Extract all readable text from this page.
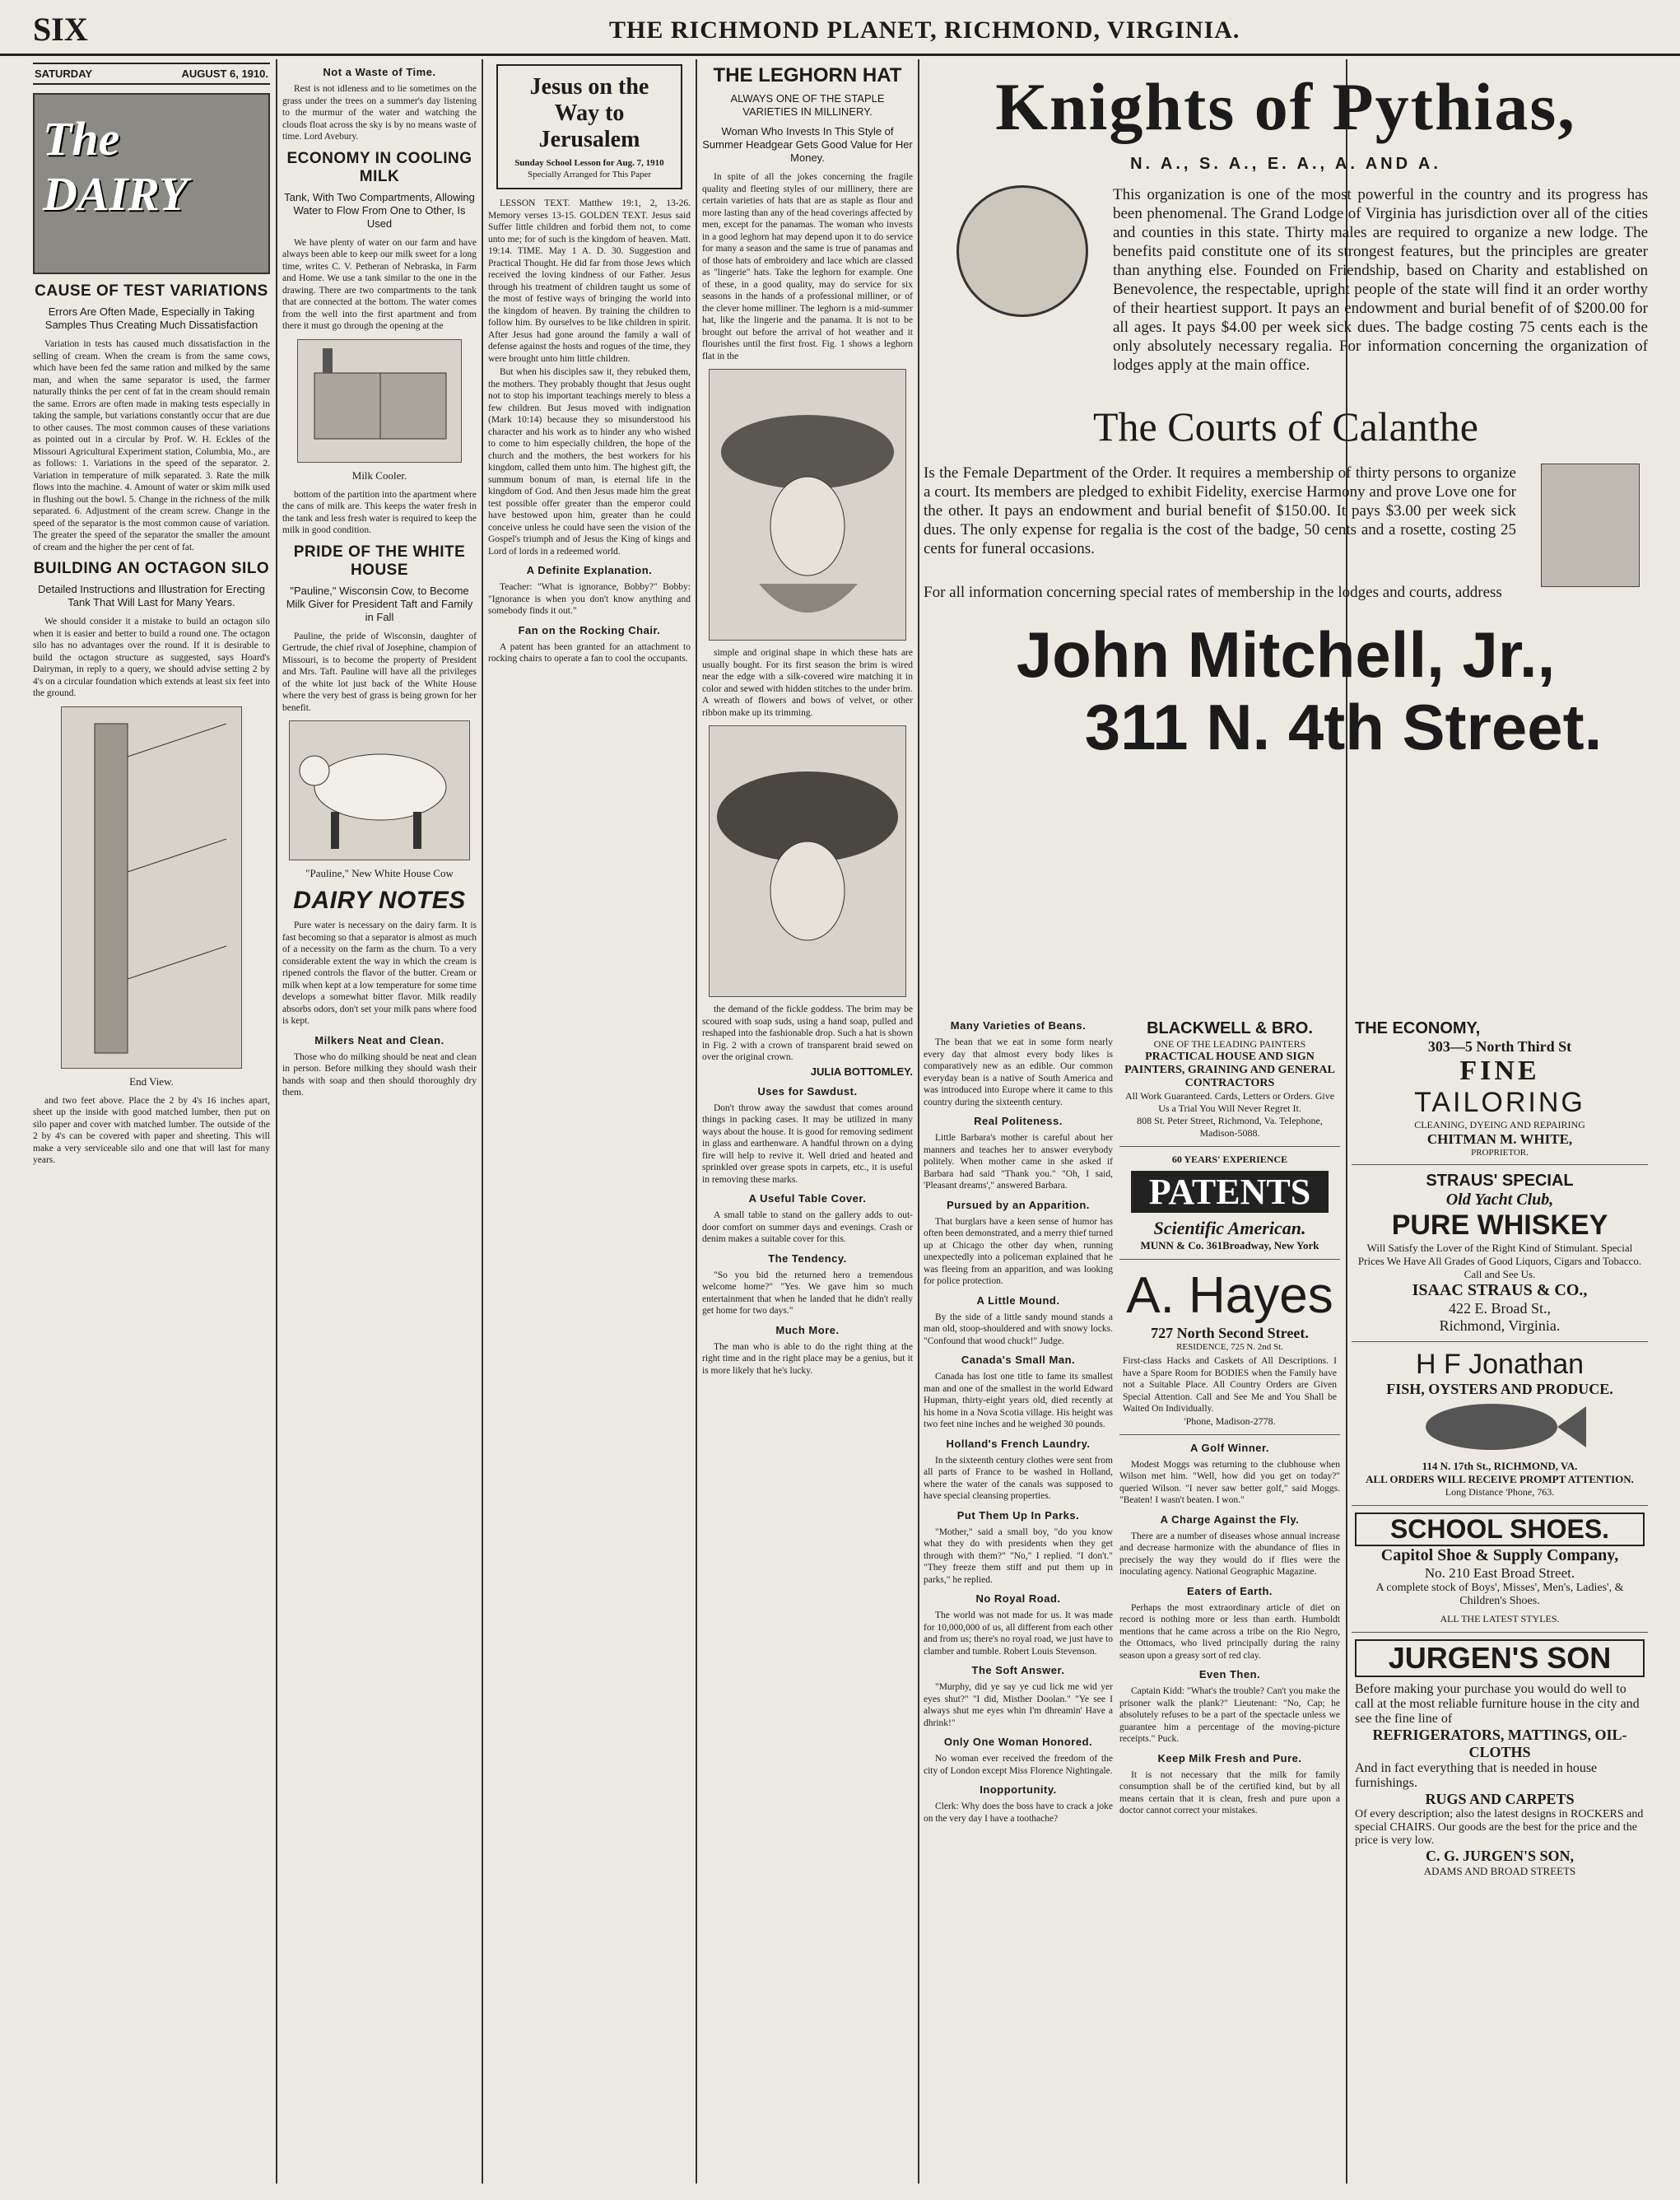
SIX	THE RICHMOND PLANET, RICHMOND, VIRGINIA.
SATURDAY	AUGUST 6, 1910.
The DAIRY
CAUSE OF TEST VARIATIONS
Errors Are Often Made, Especially in Taking Samples Thus Creating Much Dissatisfaction

Variation in tests has caused much dissatisfaction in the selling of cream. When the cream is from the same cows, which have been fed the same ration and milked by the same man, and when the same separator is used, the farmer naturally thinks the per cent of fat in the cream should remain the same. Errors are often made in making tests especially in taking the sample, but variations constantly occur that are due to other causes. The most common causes of these variations as pointed out in a circular by Prof. W. H. Eckles of the Missouri Agricultural Experiment station, Columbia, Mo., are as follows: 1. Variations in the speed of the separator. 2. Variation in temperature of milk separated. 3. Rate the milk flows into the machine. 4. Amount of water or skim milk used in flushing out the bowl. 5. Change in the richness of the milk separated. 6. Adjustment of the cream screw. Change in the speed of the separator is the most common cause of variation. The greater the speed of the separator the smaller the amount of cream and the higher the per cent of fat.

BUILDING AN OCTAGON SILO
Detailed Instructions and Illustration for Erecting Tank That Will Last for Many Years.

We should consider it a mistake to build an octagon silo when it is easier and better to build a round one. The octagon silo has no advantages over the round. If it is desirable to build the octagon structure as suggested, says Hoard's Dairyman, in reply to a query, we should advise setting 2 by 4's on a circular foundation which extends at least six feet into the ground.

End View.

and two feet above. Place the 2 by 4's 16 inches apart, sheet up the inside with good matched lumber, then put on silo paper and cover with matched lumber. The outside of the 2 by 4's can be covered with paper and sheeting. This will make a very serviceable silo and one that will last for many years.

Not a Waste of Time.

Rest is not idleness and to lie sometimes on the grass under the trees on a summer's day listening to the murmur of the water and watching the clouds float across the sky is by no means waste of time. Lord Avebury.

ECONOMY IN COOLING MILK
Tank, With Two Compartments, Allowing Water to Flow From One to Other, Is Used

We have plenty of water on our farm and have always been able to keep our milk sweet for a long time, writes C. V. Petheran of Nebraska, in Farm and Home. We use a tank similar to the one in the drawing. There are two compartments to the tank that are connected at the bottom. The water comes from the well into the first apartment and from there it must go through the opening at the

Milk Cooler.

bottom of the partition into the apartment where the cans of milk are. This keeps the water fresh in the tank and less fresh water is required to keep the milk in good condition.

PRIDE OF THE WHITE HOUSE
"Pauline," Wisconsin Cow, to Become Milk Giver for President Taft and Family in Fall

Pauline, the pride of Wisconsin, daughter of Gertrude, the chief rival of Josephine, champion of Missouri, is to become the property of President and Mrs. Taft. Pauline will have all the privileges of the white lot just back of the White House where the very best of grass is being grown for her benefit.

"Pauline," New White House Cow
DAIRY NOTES

Pure water is necessary on the dairy farm. It is fast becoming so that a separator is almost as much of a necessity on the farm as the churn. To a very considerable extent the way in which the cream is ripened controls the flavor of the butter. Cream or milk when kept at a low temperature for some time develops a somewhat bitter flavor. Milk readily absorbs odors, don't set your milk pans where food is kept.

Milkers Neat and Clean.

Those who do milking should be neat and clean in person. Before milking they should wash their hands with soap and then should thoroughly dry them.

Jesus on the Way to Jerusalem
Sunday School Lesson for Aug. 7, 1910
Specially Arranged for This Paper

LESSON TEXT. Matthew 19:1, 2, 13-26. Memory verses 13-15. GOLDEN TEXT. Jesus said Suffer little children and forbid them not, to come unto me; for of such is the kingdom of heaven. Matt. 19:14. TIME. May 1 A. D. 30. Suggestion and Practical Thought. He did far from those Jews which received the loving kindness of our Father. Jesus through his treatment of children taught us some of the most of festive ways of bringing the world into the kingdom of heaven. By training the children to follow him. By ourselves to be like children in spirit. After Jesus had gone around the family a wall of defense against the hosts and rogues of the time, they were brought unto him little children.

But when his disciples saw it, they rebuked them, the mothers. They probably thought that Jesus ought not to stop his important teachings merely to bless a few children. But Jesus moved with indignation (Mark 10:14) because they so misunderstood his character and his work as to hinder any who wished to come to him especially children, the hope of the church and the mothers, the best workers for his kingdom, called them unto him. The highest gift, the summum bonum of man, is eternal life in the kingdom of God. And then Jesus made him the great test possible offer greater than the emperor could have bestowed upon him, greater than he could conceive unless he could have seen the vision of the Gospel's triumph and of Jesus the King of kings and Lord of lords in a redeemed world.

A Definite Explanation.

Teacher: "What is ignorance, Bobby?" Bobby: "Ignorance is when you don't know anything and somebody finds it out."

Fan on the Rocking Chair.

A patent has been granted for an attachment to rocking chairs to operate a fan to cool the occupants.

THE LEGHORN HAT
ALWAYS ONE OF THE STAPLE VARIETIES IN MILLINERY.
Woman Who Invests In This Style of Summer Headgear Gets Good Value for Her Money.

In spite of all the jokes concerning the fragile quality and fleeting styles of our millinery, there are certain varieties of hats that are as staple as flour and more lasting than any of the head coverings affected by men, except for the panamas. The woman who invests in a good leghorn hat may depend upon it to do service for many a season and the same is true of panamas and of those hats of embroidery and lace which are classed as "lingerie" hats. Take the leghorn for example. One of these, in a good quality, may do service for six seasons in the hands of a professional milliner, or of the clever home milliner. The leghorn is a mid-summer hat, like the lingerie and the panama. It is not to be brought out before the arrival of hot weather and it flourishes until the first frost. Fig. 1 shows a leghorn flat in the

simple and original shape in which these hats are usually bought. For its first season the brim is wired near the edge with a silk-covered wire matching it in color and sewed with hidden stitches to the under brim. A wreath of flowers and bows of velvet, or other ribbon make up its trimming.

the demand of the fickle goddess. The brim may be scoured with soap suds, using a hand soap, pulled and reshaped into the fashionable drop. Such a hat is shown in Fig. 2 with a crown of transparent braid sewed on over the original crown.

JULIA BOTTOMLEY.
Uses for Sawdust.

Don't throw away the sawdust that comes around things in packing cases. It may be utilized in many ways about the house. It is good for removing sediment in glass and earthenware. A handful thrown on a dying fire will help to revive it. Well dried and heated and sprinkled over grease spots in carpets, etc., it is useful in removing these marks.

A Useful Table Cover.

A small table to stand on the gallery adds to out-door comfort on summer days and evenings. Crash or denim makes a suitable cover for this.

The Tendency.

"So you bid the returned hero a tremendous welcome home?" "Yes. We gave him so much entertainment that when he landed that he didn't really get home for two days."

Much More.

The man who is able to do the right thing at the right time and in the right place may be a genius, but it is more likely that he's lucky.

Knights of Pythias,
N. A., S. A., E. A., A. AND A.
This organization is one of the most powerful in the country and its progress has been phenomenal. The Grand Lodge of Virginia has jurisdiction over all of the cities and counties in this state. Thirty males are required to organize a new lodge. The benefits paid constitute one of its strongest features, but the principles are greater than anything else. Founded on Friendship, based on Charity and established on Benevolence, the respectable, upright people of the state will find it an order worthy of their heartiest support. It pays an endowment and burial benefit of of $200.00 for all ages. It pays $4.00 per week sick dues. The badge costing 75 cents each is the only absolutely necessary regalia. For information concerning the organization of lodges apply at the main office.
The Courts of Calanthe
Is the Female Department of the Order. It requires a membership of thirty persons to organize a court. Its members are pledged to exhibit Fidelity, exercise Harmony and prove Love one for the other. It pays an endowment and burial benefit of $150.00. It pays $3.00 per week sick dues. The only expense for regalia is the cost of the badge, 50 cents and a rosette, costing 25 cents for funeral occasions.
For all information concerning special rates of membership in the lodges and courts, address
John Mitchell, Jr.,
311 N. 4th Street.
Many Varieties of Beans.

The bean that we eat in some form nearly every day that almost every body likes is comparatively new as an edible. Our common everyday bean is a native of South America and was introduced into Europe where it came to this country during the sixteenth century.

Real Politeness.

Little Barbara's mother is careful about her manners and teaches her to answer everybody politely. When mother came in she asked if Barbara had said "Thank you." "Oh, I said, 'Pleasant dreams'," answered Barbara.

Pursued by an Apparition.

That burglars have a keen sense of humor has often been demonstrated, and a merry thief turned up at Chicago the other day when, running unexpectedly into a policeman explained that he was fleeing from an apparition, and was looking for police protection.

A Little Mound.

By the side of a little sandy mound stands a man old, stoop-shouldered and with snowy locks. "Confound that wood chuck!" Judge.

Canada's Small Man.

Canada has lost one title to fame its smallest man and one of the smallest in the world Edward Hupman, thirty-eight years old, died recently at his home in a Nova Scotia village. His height was two feet nine inches and he weighed 30 pounds.

Holland's French Laundry.

In the sixteenth century clothes were sent from all parts of France to be washed in Holland, where the water of the canals was supposed to have special cleansing properties.

Put Them Up In Parks.

"Mother," said a small boy, "do you know what they do with presidents when they get through with them?" "No," I replied. "I don't." "They freeze them stiff and put them up in parks," he replied.

No Royal Road.

The world was not made for us. It was made for 10,000,000 of us, all different from each other and from us; there's no royal road, we just have to clamber and tumble. Robert Louis Stevenson.

The Soft Answer.

"Murphy, did ye say ye cud lick me wid yer eyes shut?" "I did, Misther Doolan." "Ye see I always shut me eyes whin I'm dhreamin' Have a dhrink!"

Only One Woman Honored.

No woman ever received the freedom of the city of London except Miss Florence Nightingale.

Inopportunity.

Clerk: Why does the boss have to crack a joke on the very day I have a toothache?

BLACKWELL & BRO.
ONE OF THE LEADING PAINTERS
PRACTICAL HOUSE AND SIGN PAINTERS, GRAINING AND GENERAL CONTRACTORS
All Work Guaranteed. Cards, Letters or Orders. Give Us a Trial You Will Never Regret It.
808 St. Peter Street, Richmond, Va. Telephone, Madison-5088.
60 YEARS' EXPERIENCE
PATENTS
Scientific American.
MUNN & Co. 361Broadway, New York
A. Hayes
727 North Second Street.
RESIDENCE, 725 N. 2nd St.
First-class Hacks and Caskets of All Descriptions. I have a Spare Room for BODIES when the Family have not a Suitable Place. All Country Orders are Given Special Attention. Call and See Me and You Shall be Waited On Individually.
'Phone, Madison-2778.
A Golf Winner.

Modest Moggs was returning to the clubhouse when Wilson met him. "Well, how did you get on today?" queried Wilson. "I never saw better golf," said Moggs. "Beaten! I wasn't beaten. I won."

A Charge Against the Fly.

There are a number of diseases whose annual increase and decrease harmonize with the abundance of flies in precisely the way they would do if flies were the inoculating agency. National Geographic Magazine.

Eaters of Earth.

Perhaps the most extraordinary article of diet on record is nothing more or less than earth. Humboldt mentions that he came across a tribe on the Rio Negro, the Ottomacs, who lived principally during the rainy season upon a greasy sort of red clay.

Even Then.

Captain Kidd: "What's the trouble? Can't you make the prisoner walk the plank?" Lieutenant: "No, Cap; he absolutely refuses to be a part of the spectacle unless we guarantee him a percentage of the moving-picture receipts." Puck.

Keep Milk Fresh and Pure.

It is not necessary that the milk for family consumption shall be of the certified kind, but by all means certain that it is clean, fresh and pure upon a doctor cannot correct your mistakes.

THE ECONOMY,
303—5 North Third St
FINE
TAILORING
CLEANING, DYEING AND REPAIRING
CHITMAN M. WHITE,
PROPRIETOR.
STRAUS' SPECIAL
Old Yacht Club,
PURE WHISKEY
Will Satisfy the Lover of the Right Kind of Stimulant. Special Prices We Have All Grades of Good Liquors, Cigars and Tobacco. Call and See Us.
ISAAC STRAUS & CO.,
422 E. Broad St.,
Richmond, Virginia.
H F Jonathan
FISH, OYSTERS AND PRODUCE.
114 N. 17th St., RICHMOND, VA.
ALL ORDERS WILL RECEIVE PROMPT ATTENTION.
Long Distance 'Phone, 763.
SCHOOL SHOES.
Capitol Shoe & Supply Company,
No. 210 East Broad Street.
A complete stock of Boys', Misses', Men's, Ladies', & Children's Shoes.
ALL THE LATEST STYLES.
JURGEN'S SON
Before making your purchase you would do well to call at the most reliable furniture house in the city and see the fine line of
REFRIGERATORS, MATTINGS, OIL-CLOTHS
And in fact everything that is needed in house furnishings.
RUGS AND CARPETS
Of every description; also the latest designs in ROCKERS and special CHAIRS. Our goods are the best for the price and the price is very low.
C. G. JURGEN'S SON,
ADAMS AND BROAD STREETS
